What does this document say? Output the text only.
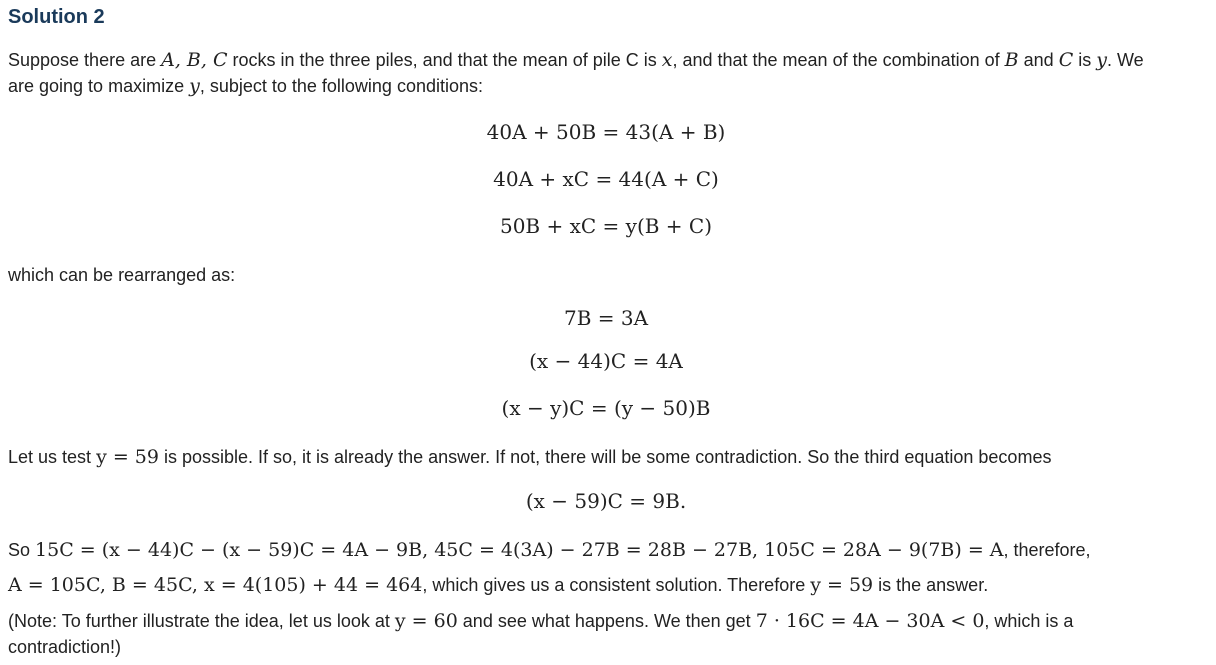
Solution 2
Suppose there are A, B, C rocks in the three piles, and that the mean of pile C is x, and that the mean of the combination of B and C is y. We
are going to maximize y, subject to the following conditions:
40A + 50B = 43(A + B)
40A + xC = 44(A + C)
50B + xC = y(B + C)
which can be rearranged as:
7B = 3A
(x − 44)C = 4A
(x − y)C = (y − 50)B
Let us test y = 59 is possible. If so, it is already the answer. If not, there will be some contradiction. So the third equation becomes
(x − 59)C = 9B.
So 15C = (x − 44)C − (x − 59)C = 4A − 9B, 45C = 4(3A) − 27B = 28B − 27B, 105C = 28A − 9(7B) = A, therefore,
A = 105C, B = 45C, x = 4(105) + 44 = 464, which gives us a consistent solution. Therefore y = 59 is the answer.
(Note: To further illustrate the idea, let us look at y = 60 and see what happens. We then get 7 · 16C = 4A − 30A < 0, which is a
contradiction!)
